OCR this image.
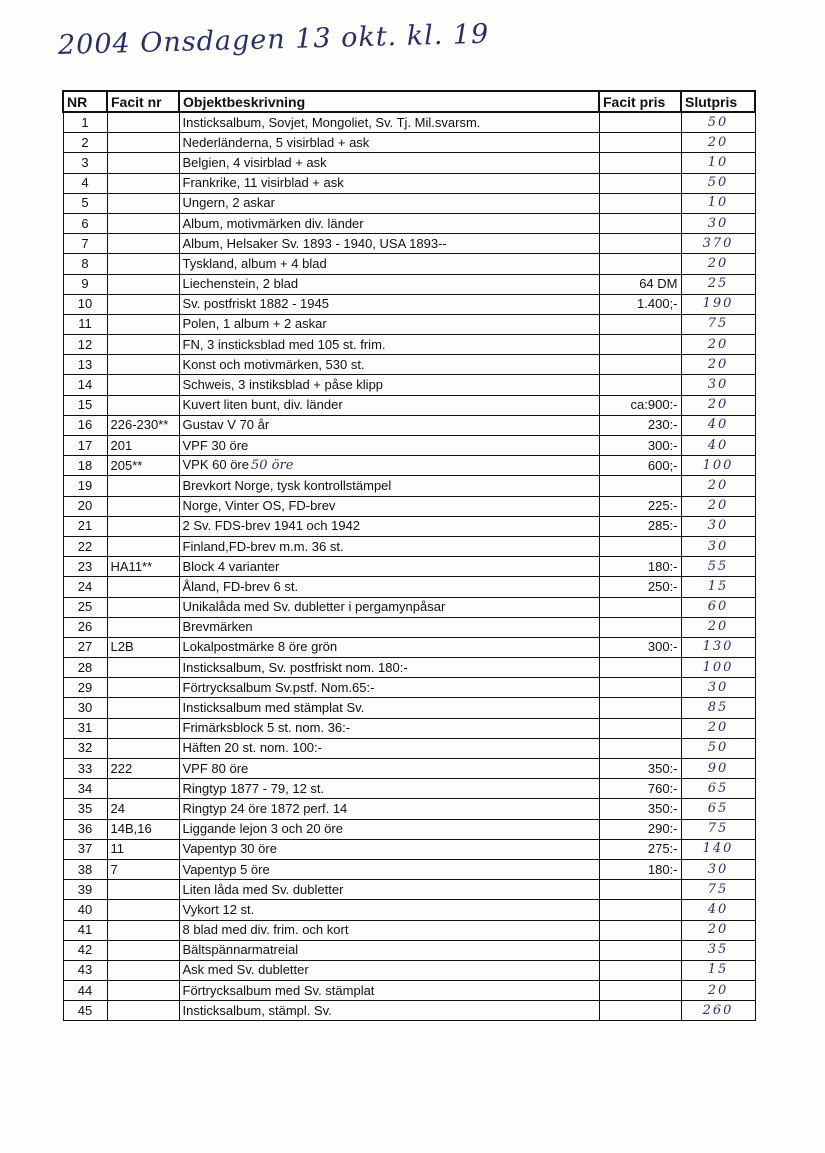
2004 Onsdagen 13 okt. kl. 19
NR	Facit nr	Objektbeskrivning	Facit pris	Slutpris
1		Insticksalbum, Sovjet, Mongoliet, Sv. Tj. Mil.svarsm.		50
2		Nederländerna, 5 visirblad + ask		20
3		Belgien, 4 visirblad + ask		10
4		Frankrike, 11 visirblad + ask		50
5		Ungern, 2 askar		10
6		Album, motivmärken div. länder		30
7		Album, Helsaker Sv. 1893 - 1940, USA 1893--		370
8		Tyskland, album + 4 blad		20
9		Liechenstein, 2 blad	64 DM	25
10		Sv. postfriskt 1882 - 1945	1.400;-	190
11		Polen, 1 album + 2 askar		75
12		FN, 3 insticksblad med 105 st. frim.		20
13		Konst och motivmärken, 530 st.		20
14		Schweis, 3 instiksblad + påse klipp		30
15		Kuvert liten bunt, div. länder	ca:900:-	20
16	226-230**	Gustav V 70 år	230:-	40
17	201	VPF 30 öre	300:-	40
18	205**	VPK 60 öre 50 öre	600;-	100
19		Brevkort Norge, tysk kontrollstämpel		20
20		Norge, Vinter OS, FD-brev	225:-	20
21		2 Sv. FDS-brev 1941 och 1942	285:-	30
22		Finland,FD-brev m.m. 36 st.		30
23	HA11**	Block 4 varianter	180:-	55
24		Åland, FD-brev 6 st.	250:-	15
25		Unikalåda med Sv. dubletter i pergamynpåsar		60
26		Brevmärken		20
27	L2B	Lokalpostmärke 8 öre grön	300:-	130
28		Insticksalbum, Sv. postfriskt nom. 180:-		100
29		Förtrycksalbum Sv.pstf. Nom.65:-		30
30		Insticksalbum med stämplat Sv.		85
31		Frimärksblock 5 st. nom. 36:-		20
32		Häften 20 st. nom. 100:-		50
33	222	VPF 80 öre	350:-	90
34		Ringtyp 1877 - 79, 12 st.	760:-	65
35	24	Ringtyp 24 öre 1872 perf. 14	350:-	65
36	14B,16	Liggande lejon 3 och 20 öre	290:-	75
37	11	Vapentyp 30 öre	275:-	140
38	7	Vapentyp 5 öre	180:-	30
39		Liten låda med Sv. dubletter		75
40		Vykort 12 st.		40
41		8 blad med div. frim. och kort		20
42		Bältspännarmatreial		35
43		Ask med Sv. dubletter		15
44		Förtrycksalbum med Sv. stämplat		20
45		Insticksalbum, stämpl. Sv.		260
